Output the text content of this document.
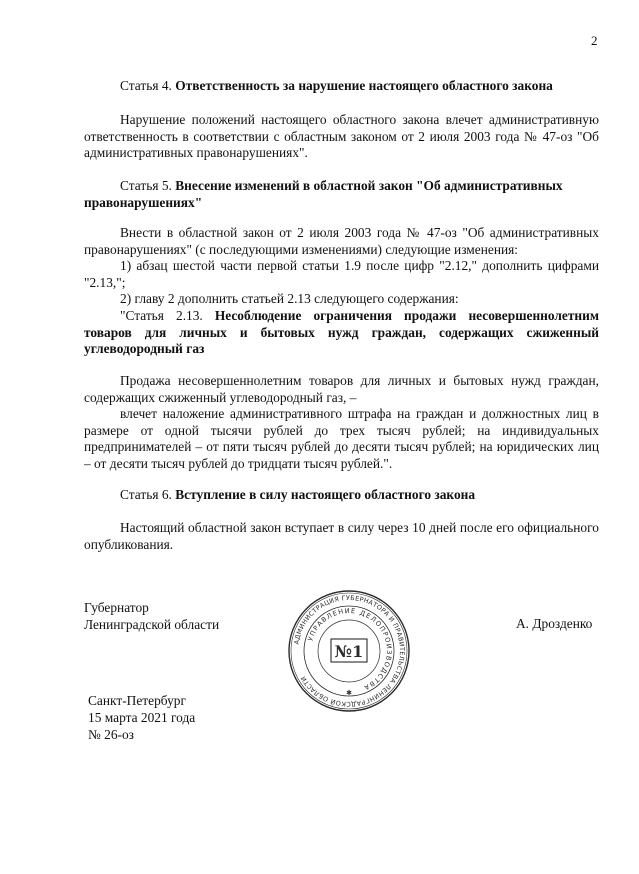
2

Статья 4. Ответственность за нарушение настоящего областного закона

Нарушение положений настоящего областного закона влечет административную ответственность в соответствии с областным законом от 2 июля 2003 года № 47-оз "Об административных правонарушениях".

Статья 5. Внесение изменений в областной закон "Об административных правонарушениях"

Внести в областной закон от 2 июля 2003 года № 47-оз "Об административных правонарушениях" (с последующими изменениями) следующие изменения:

1) абзац шестой части первой статьи 1.9 после цифр "2.12," дополнить цифрами "2.13,";

2) главу 2 дополнить статьей 2.13 следующего содержания:

"Статья 2.13. Несоблюдение ограничения продажи несовершеннолетним товаров для личных и бытовых нужд граждан, содержащих сжиженный углеводородный газ

Продажа несовершеннолетним товаров для личных и бытовых нужд граждан, содержащих сжиженный углеводородный газ, –

влечет наложение административного штрафа на граждан и должностных лиц в размере от одной тысячи рублей до трех тысяч рублей; на индивидуальных предпринимателей – от пяти тысяч рублей до десяти тысяч рублей; на юридических лиц – от десяти тысяч рублей до тридцати тысяч рублей.".

Статья 6. Вступление в силу настоящего областного закона

Настоящий областной закон вступает в силу через 10 дней после его официального опубликования.

Губернатор
Ленинградской области	А. Дрозденко
АДМИНИСТРАЦИЯ ГУБЕРНАТОРА И ПРАВИТЕЛЬСТВА ЛЕНИНГРАДСКОЙ ОБЛАСТИ
УПРАВЛЕНИЕ ДЕЛОПРОИЗВОДСТВА
№1
✱
Санкт-Петербург
15 марта 2021 года
№ 26-оз
